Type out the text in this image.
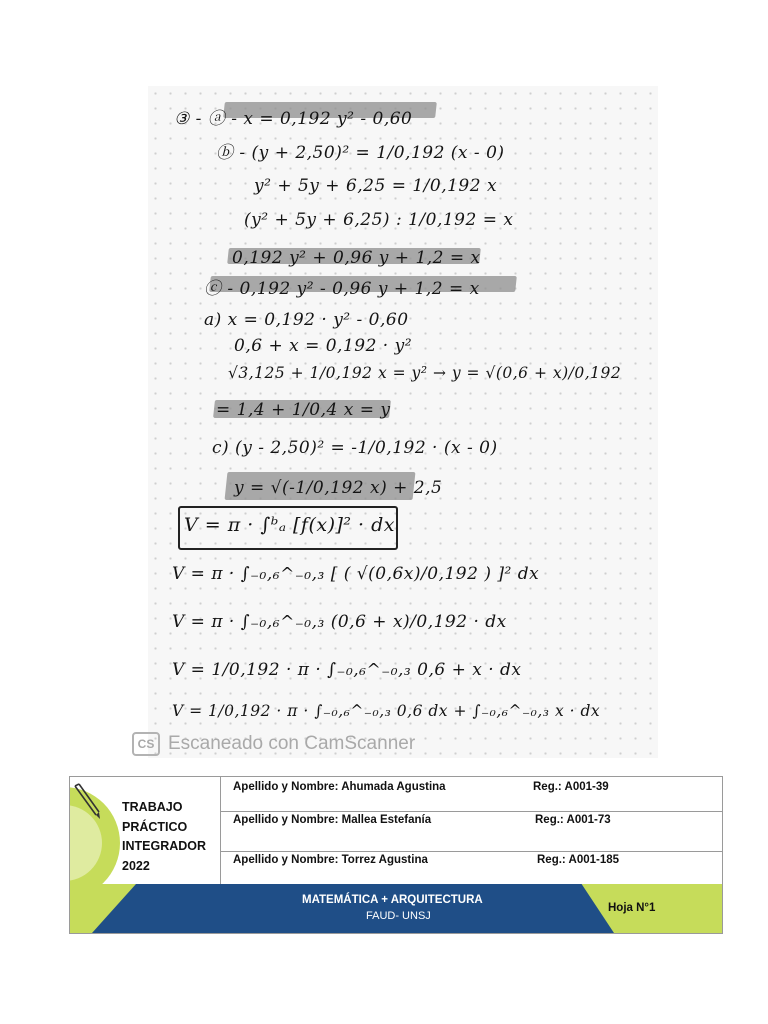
③ - ⓐ - x = 0,192 y² - 0,60
ⓑ - (y + 2,50)² = 1/0,192 (x - 0)
y² + 5y + 6,25 = 1/0,192 x
(y² + 5y + 6,25) : 1/0,192 = x
0,192 y² + 0,96 y + 1,2 = x
ⓒ - 0,192 y² - 0,96 y + 1,2 = x
a) x = 0,192 · y² - 0,60
0,6 + x = 0,192 · y²
√3,125 + 1/0,192 x = y² → y = √(0,6 + x)/0,192
= 1,4 + 1/0,4 x = y
c) (y - 2,50)² = -1/0,192 · (x - 0)
y = √(-1/0,192 x) + 2,5
V = π · ∫ᵇₐ [f(x)]² · dx
V = π · ∫₋₀,₆^₋₀,₃ [ ( √(0,6x)/0,192 ) ]² dx
V = π · ∫₋₀,₆^₋₀,₃ (0,6 + x)/0,192 · dx
V = 1/0,192 · π · ∫₋₀,₆^₋₀,₃ 0,6 + x · dx
V = 1/0,192 · π · ∫₋₀,₆^₋₀,₃ 0,6 dx + ∫₋₀,₆^₋₀,₃ x · dx
CS Escaneado con CamScanner
TRABAJO
PRÁCTICO
INTEGRADOR
2022
Apellido y Nombre: Ahumada Agustina	Reg.: A001-39
Apellido y Nombre: Mallea Estefanía	Reg.: A001-73
Apellido y Nombre: Torrez Agustina	Reg.: A001-185
MATEMÁTICA + ARQUITECTURA
FAUD- UNSJ
Hoja N°1
